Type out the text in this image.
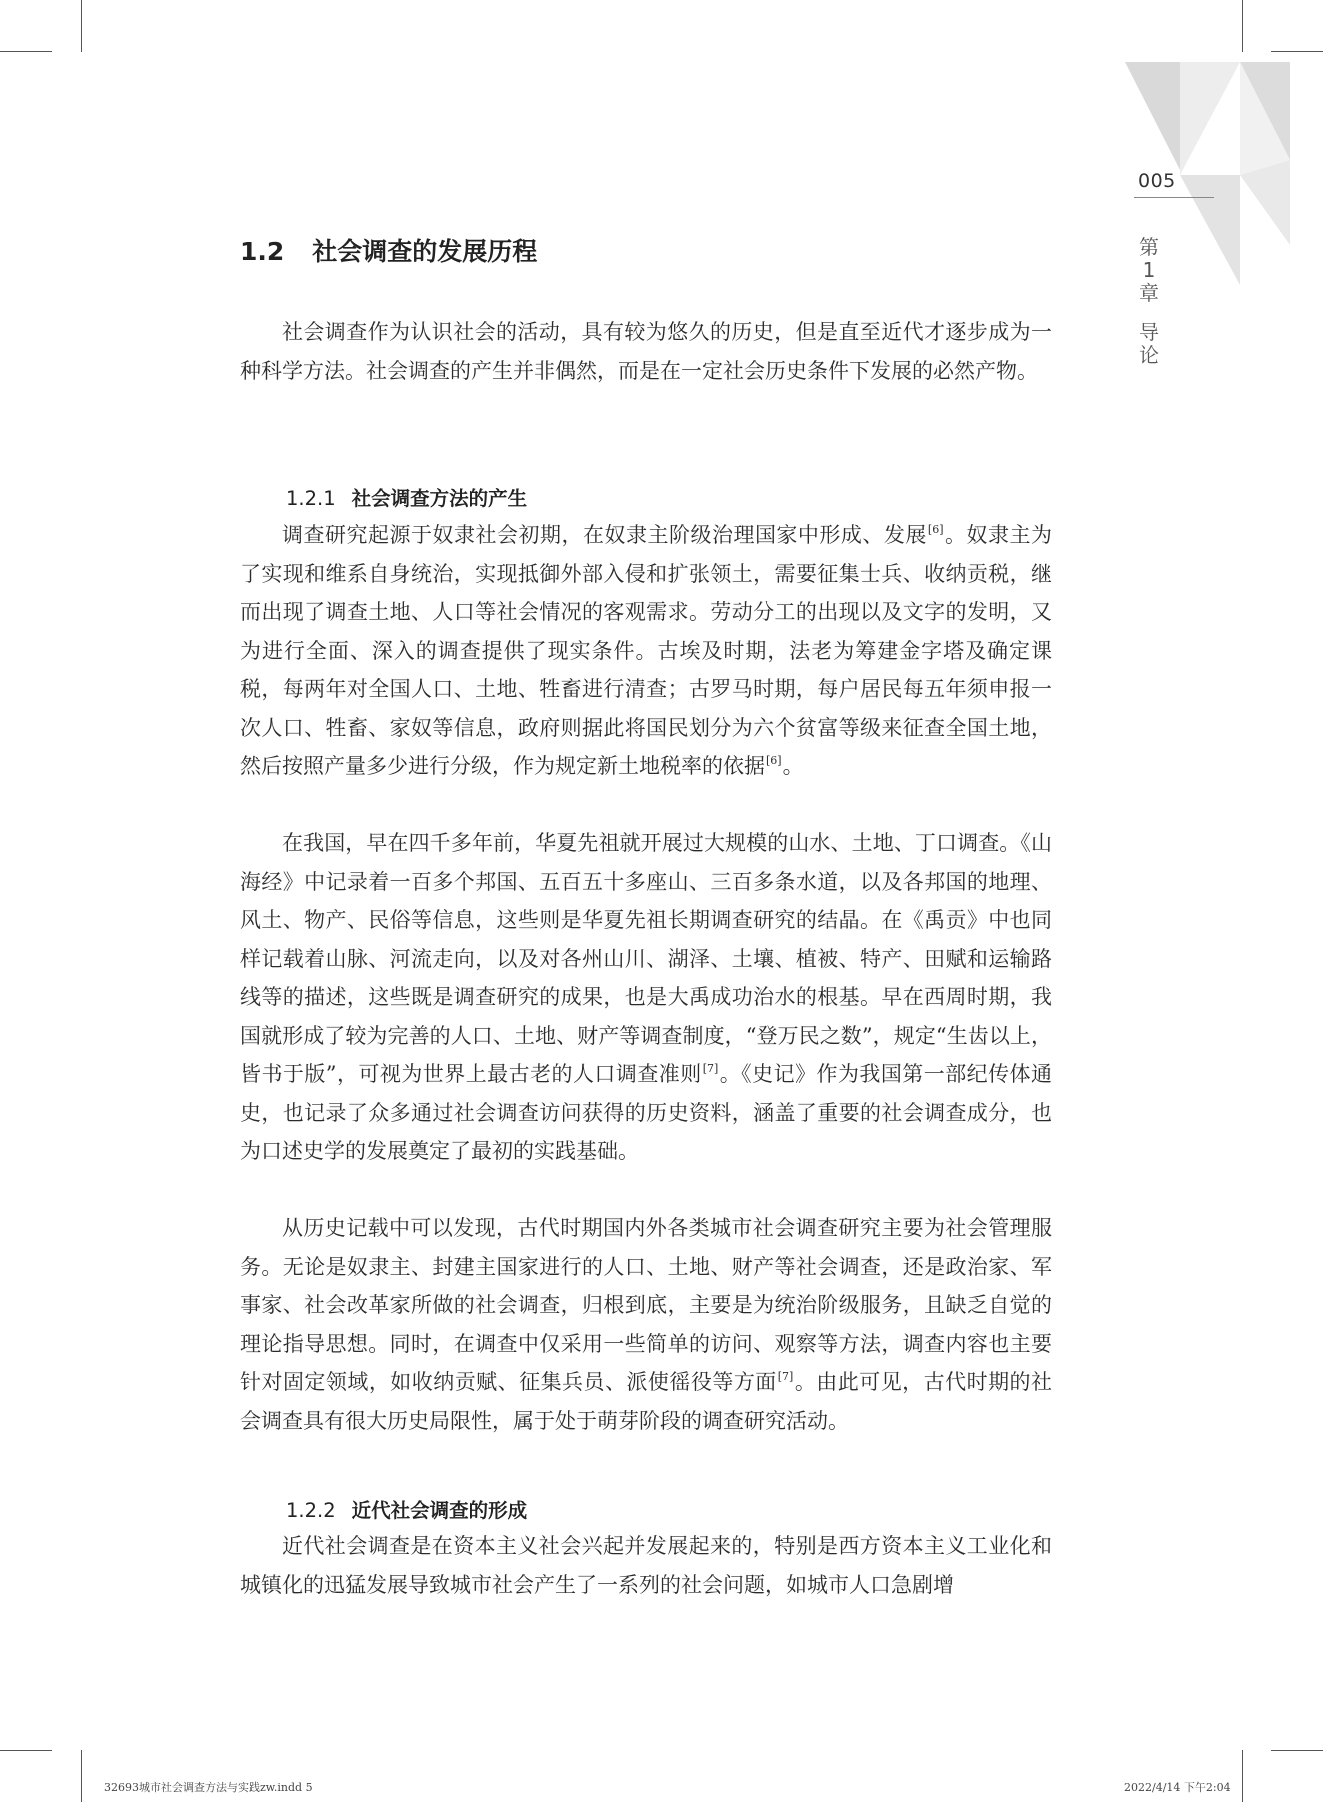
005
第
1
章
导
论
1.2 社会调查的发展历程

社会调查作为认识社会的活动，具有较为悠久的历史，但是直至近代才逐步成为一种科学方法。社会调查的产生并非偶然，而是在一定社会历史条件下发展的必然产物。

1.2.1 社会调查方法的产生

调查研究起源于奴隶社会初期，在奴隶主阶级治理国家中形成、发展[6]。奴隶主为了实现和维系自身统治，实现抵御外部入侵和扩张领土，需要征集士兵、收纳贡税，继而出现了调查土地、人口等社会情况的客观需求。劳动分工的出现以及文字的发明，又为进行全面、深入的调查提供了现实条件。古埃及时期，法老为筹建金字塔及确定课税，每两年对全国人口、土地、牲畜进行清查；古罗马时期，每户居民每五年须申报一次人口、牲畜、家奴等信息，政府则据此将国民划分为六个贫富等级来征查全国土地，然后按照产量多少进行分级，作为规定新土地税率的依据[6]。

在我国，早在四千多年前，华夏先祖就开展过大规模的山水、土地、丁口调查。《山海经》中记录着一百多个邦国、五百五十多座山、三百多条水道，以及各邦国的地理、风土、物产、民俗等信息，这些则是华夏先祖长期调查研究的结晶。在《禹贡》中也同样记载着山脉、河流走向，以及对各州山川、湖泽、土壤、植被、特产、田赋和运输路线等的描述，这些既是调查研究的成果，也是大禹成功治水的根基。早在西周时期，我国就形成了较为完善的人口、土地、财产等调查制度，“登万民之数”，规定“生齿以上，皆书于版”，可视为世界上最古老的人口调查准则[7]。《史记》作为我国第一部纪传体通史，也记录了众多通过社会调查访问获得的历史资料，涵盖了重要的社会调查成分，也为口述史学的发展奠定了最初的实践基础。

从历史记载中可以发现，古代时期国内外各类城市社会调查研究主要为社会管理服务。无论是奴隶主、封建主国家进行的人口、土地、财产等社会调查，还是政治家、军事家、社会改革家所做的社会调查，归根到底，主要是为统治阶级服务，且缺乏自觉的理论指导思想。同时，在调查中仅采用一些简单的访问、观察等方法，调查内容也主要针对固定领域，如收纳贡赋、征集兵员、派使徭役等方面[7]。由此可见，古代时期的社会调查具有很大历史局限性，属于处于萌芽阶段的调查研究活动。

1.2.2 近代社会调查的形成

近代社会调查是在资本主义社会兴起并发展起来的，特别是西方资本主义工业化和城镇化的迅猛发展导致城市社会产生了一系列的社会问题，如城市人口急剧增

32693城市社会调查方法与实践zw.indd 5	2022/4/14 下午2:04
